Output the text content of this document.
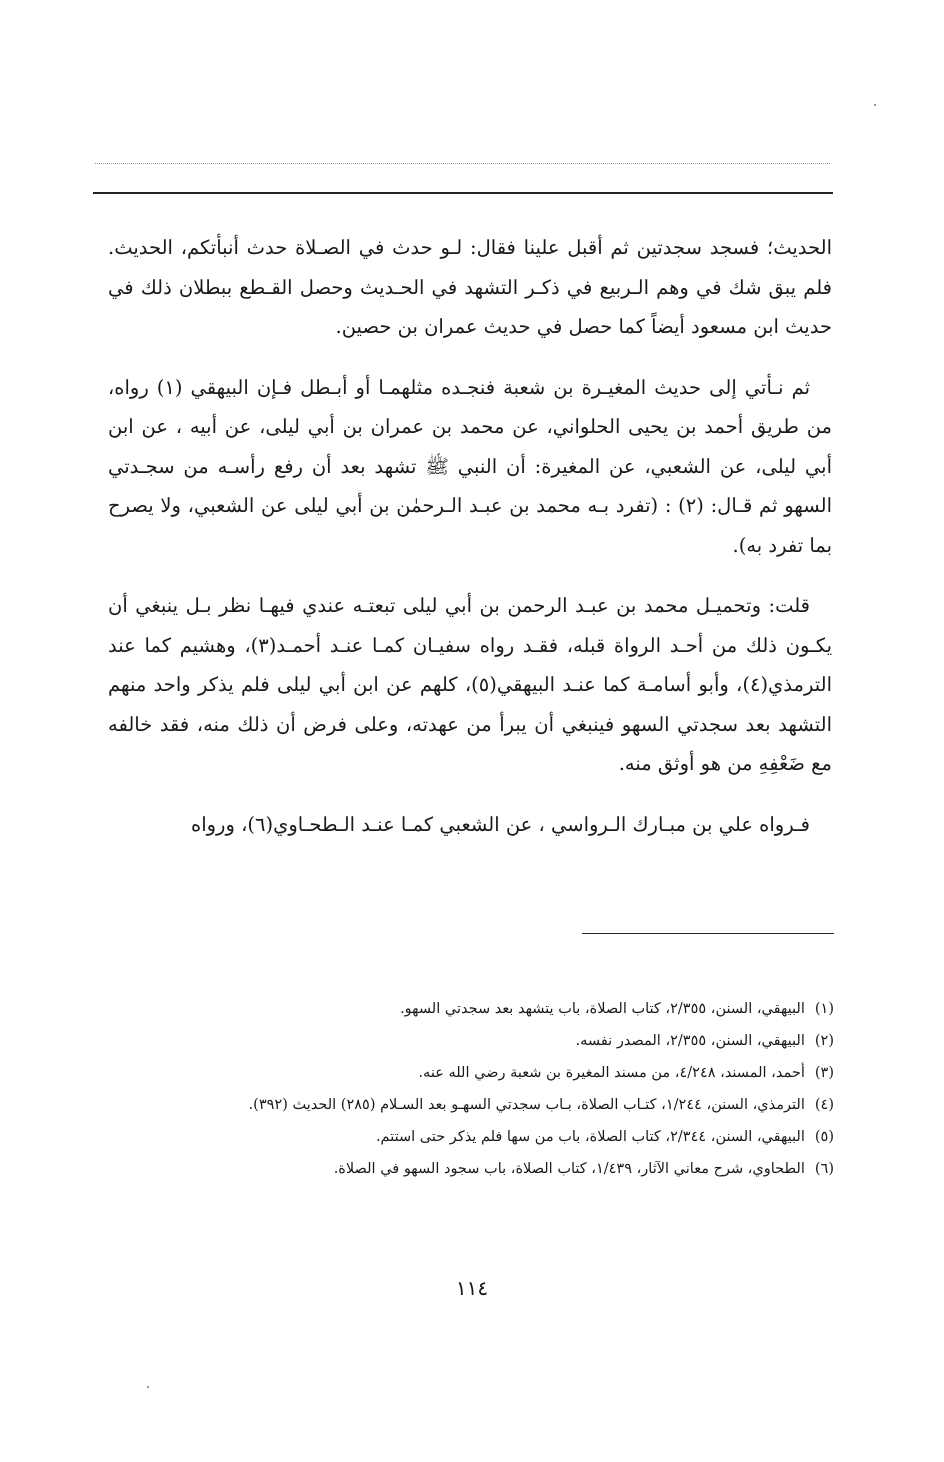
الحديث؛ فسجد سجدتين ثم أقبل علينا فقال: لـو حدث في الصـلاة حدث أنبأتكم، الحديث. فلم يبق شك في وهم الـربيع في ذكـر التشهد في الحـديث وحصل القـطع ببطلان ذلك في حديث ابن مسعود أيضاً كما حصل في حديث عمران بن حصين.

ثم نـأتي إلى حديث المغيـرة بن شعبة فنجـده مثلهمـا أو أبـطل فـإن البيهقي (١) رواه، من طريق أحمد بن يحيى الحلواني، عن محمد بن عمران بن أبي ليلى، عن أبيه ، عن ابن أبي ليلى، عن الشعبي، عن المغيرة: أن النبي ﷺ تشهد بعد أن رفع رأسـه من سجـدتي السهو ثم قـال: (٢) : (تفرد بـه محمد بن عبـد الـرحمٰن بن أبي ليلى عن الشعبي، ولا يصرح بما تفرد به).

قلت: وتحميـل محمد بن عبـد الرحمن بن أبي ليلى تبعتـه عندي فيهـا نظر بـل ينبغي أن يكـون ذلك من أحـد الرواة قبله، فقـد رواه سفيـان كمـا عنـد أحمـد(٣)، وهشيم كما عند الترمذي(٤)، وأبو أسامـة كما عنـد البيهقي(٥)، كلهم عن ابن أبي ليلى فلم يذكر واحد منهم التشهد بعد سجدتي السهو فينبغي أن يبرأ من عهدته، وعلى فرض أن ذلك منه، فقد خالفه مع ضَعْفِهِ من هو أوثق منه.

فـرواه علي بن مبـارك الـرواسي ، عن الشعبي كمـا عنـد الـطحـاوي(٦)، ورواه

(١)
البيهقي، السنن، ٢/٣٥٥، كتاب الصلاة، باب يتشهد بعد سجدتي السهو.
(٢)
البيهقي، السنن، ٢/٣٥٥، المصدر نفسه.
(٣)
أحمد، المسند، ٤/٢٤٨، من مسند المغيرة بن شعبة رضي الله عنه.
(٤)
الترمذي، السنن، ١/٢٤٤، كتـاب الصلاة، بـاب سجدتي السهـو بعد السـلام (٢٨٥) الحديث (٣٩٢).
(٥)
البيهقي، السنن، ٢/٣٤٤، كتاب الصلاة، باب من سها فلم يذكر حتى استتم.
(٦)
الطحاوي، شرح معاني الآثار، ١/٤٣٩، كتاب الصلاة، باب سجود السهو في الصلاة.
١١٤
